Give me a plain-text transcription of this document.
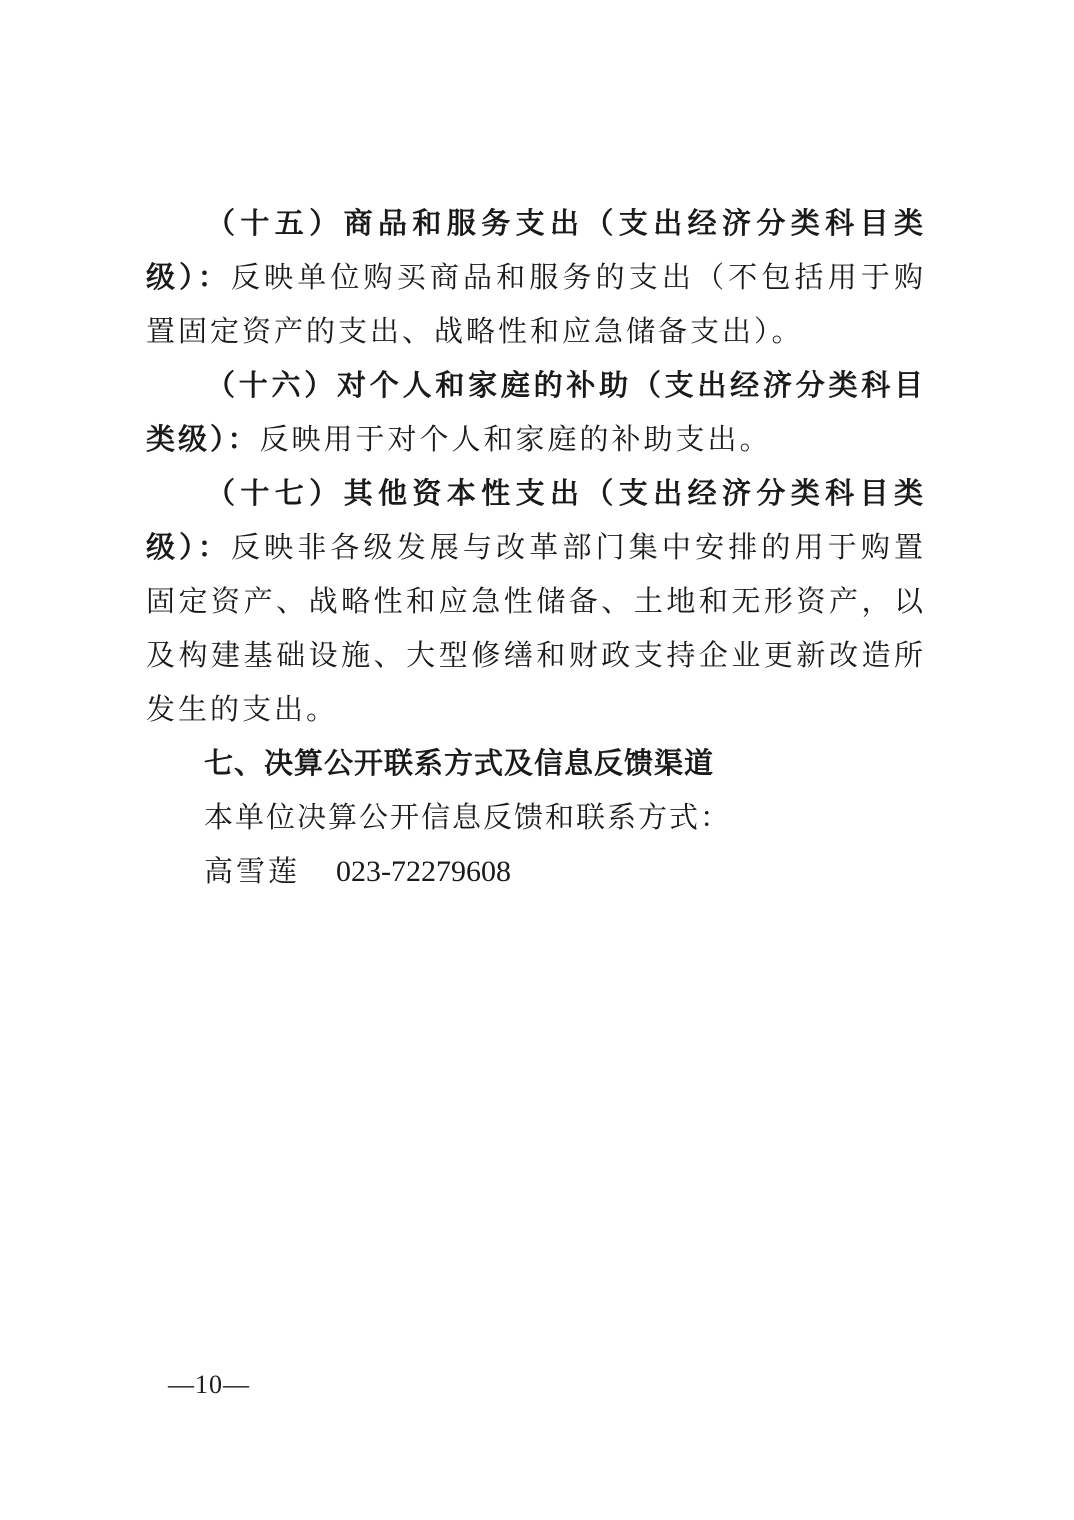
（十五）商品和服务支出（支出经济分类科目类级）：反映单位购买商品和服务的支出（不包括用于购置固定资产的支出、战略性和应急储备支出）。

（十六）对个人和家庭的补助（支出经济分类科目类级）：反映用于对个人和家庭的补助支出。

（十七）其他资本性支出（支出经济分类科目类级）：反映非各级发展与改革部门集中安排的用于购置固定资产、战略性和应急性储备、土地和无形资产，以及构建基础设施、大型修缮和财政支持企业更新改造所发生的支出。

七、决算公开联系方式及信息反馈渠道

本单位决算公开信息反馈和联系方式：

高雪莲 023-72279608

—10—
